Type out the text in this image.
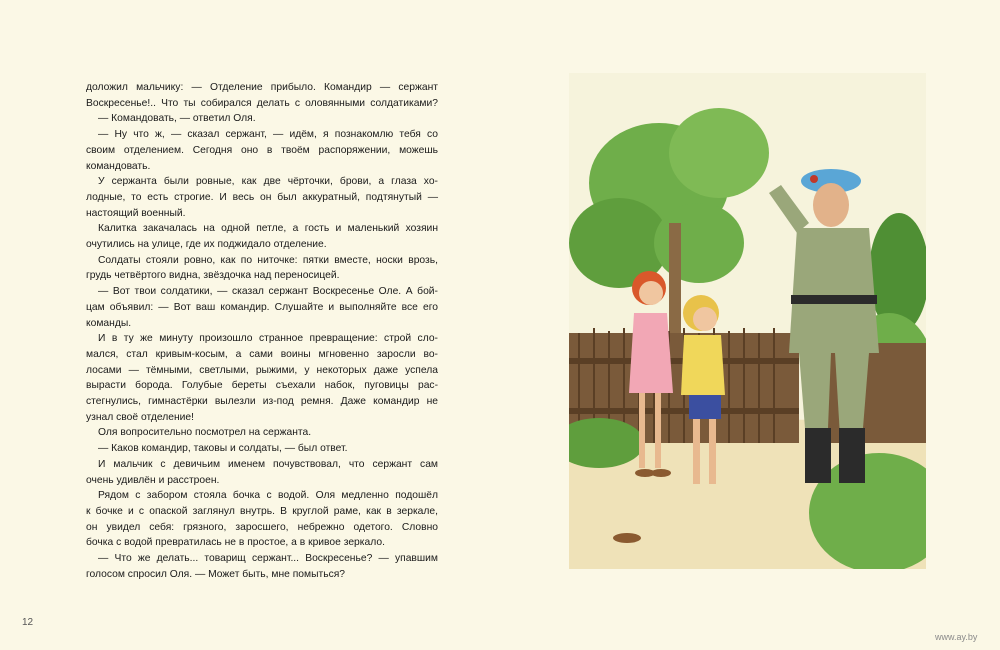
доложил мальчику: — Отделение прибыло. Командир — сержант
Воскресенье!.. Что ты собирался делать с оловянными солдатиками?
— Командовать, — ответил Оля.
— Ну что ж, — сказал сержант, — идём, я познакомлю тебя со
своим отделением. Сегодня оно в твоём распоряжении, можешь
командовать.
У сержанта были ровные, как две чёрточки, брови, а глаза хо-
лодные, то есть строгие. И весь он был аккуратный, подтянутый —
настоящий военный.
Калитка закачалась на одной петле, а гость и маленький хозяин
очутились на улице, где их поджидало отделение.
Солдаты стояли ровно, как по ниточке: пятки вместе, носки врозь,
грудь четвёртого видна, звёздочка над переносицей.
— Вот твои солдатики, — сказал сержант Воскресенье Оле. А бой-
цам объявил: — Вот ваш командир. Слушайте и выполняйте все его
команды.
И в ту же минуту произошло странное превращение: строй сло-
мался, стал кривым-косым, а сами воины мгновенно заросли во-
лосами — тёмными, светлыми, рыжими, у некоторых даже успела
вырасти борода. Голубые береты съехали набок, пуговицы рас-
стегнулись, гимнастёрки вылезли из-под ремня. Даже командир не
узнал своё отделение!
Оля вопросительно посмотрел на сержанта.
— Каков командир, таковы и солдаты, — был ответ.
И мальчик с девичьим именем почувствовал, что сержант сам
очень удивлён и расстроен.
Рядом с забором стояла бочка с водой. Оля медленно подошёл
к бочке и с опаской заглянул внутрь. В круглой раме, как в зеркале,
он увидел себя: грязного, заросшего, небрежно одетого. Словно
бочка с водой превратилась не в простое, а в кривое зеркало.
— Что же делать... товарищ сержант... Воскресенье? — упавшим
голосом спросил Оля. — Может быть, мне помыться?
12
www.ay.by
